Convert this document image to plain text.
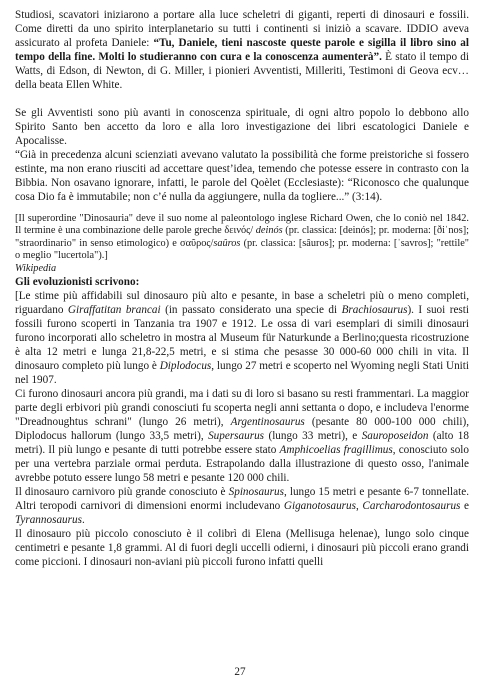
Studiosi, scavatori iniziarono a portare alla luce scheletri di giganti, reperti di dinosauri e fossili. Come diretti da uno spirito interplanetario su tutti i continenti si iniziò a scavare. IDDIO aveva assicurato al profeta Daniele: “Tu, Daniele, tieni nascoste queste parole e sigilla il libro sino al tempo della fine. Molti lo studieranno con cura e la conoscenza aumenterà”. È stato il tempo di Watts, di Edson, di Newton, di G. Miller, i pionieri Avventisti, Milleriti, Testimoni di Geova ecv… della beata Ellen White.

Se gli Avventisti sono più avanti in conoscenza spirituale, di ogni altro popolo lo debbono allo Spirito Santo ben accetto da loro e alla loro investigazione dei libri escatologici Daniele e Apocalisse.

“Già in precedenza alcuni scienziati avevano valutato la possibilità che forme preistoriche si fossero estinte, ma non erano riusciti ad accettare quest’idea, temendo che potesse essere in contrasto con la Bibbia. Non osavano ignorare, infatti, le parole del Qoèlet (Ecclesiaste): “Riconosco che qualunque cosa Dio fa è immutabile; non c’é nulla da aggiungere, nulla da togliere...” (3:14).

[Il superordine "Dinosauria" deve il suo nome al paleontologo inglese Richard Owen, che lo coniò nel 1842. Il termine è una combinazione delle parole greche δεινός/ deinós (pr. classica: [deinós]; pr. moderna: [ðiˈnos]; "straordinario" in senso etimologico) e σαῦρος/saûros (pr. classica: [sâuros]; pr. moderna: [ˈsavros]; "rettile" o meglio "lucertola").]

Wikipedia

Gli evoluzionisti scrivono:

[Le stime più affidabili sul dinosauro più alto e pesante, in base a scheletri più o meno completi, riguardano Giraffatitan brancai (in passato considerato una specie di Brachiosaurus). I suoi resti fossili furono scoperti in Tanzania tra 1907 e 1912. Le ossa di vari esemplari di simili dinosauri furono incorporati allo scheletro in mostra al Museum für Naturkunde a Berlino;questa ricostruzione è alta 12 metri e lunga 21,8-22,5 metri, e si stima che pesasse 30 000-60 000 chili in vita. Il dinosauro completo più lungo è Diplodocus, lungo 27 metri e scoperto nel Wyoming negli Stati Uniti nel 1907.

Ci furono dinosauri ancora più grandi, ma i dati su di loro si basano su resti frammentari. La maggior parte degli erbivori più grandi conosciuti fu scoperta negli anni settanta o dopo, e includeva l'enorme "Dreadnoughtus schrani" (lungo 26 metri), Argentinosaurus (pesante 80 000-100 000 chili), Diplodocus hallorum (lungo 33,5 metri), Supersaurus (lungo 33 metri), e Sauroposeidon (alto 18 metri). Il più lungo e pesante di tutti potrebbe essere stato Amphicoelias fragillimus, conosciuto solo per una vertebra parziale ormai perduta. Estrapolando dalla illustrazione di questo osso, l'animale avrebbe potuto essere lungo 58 metri e pesante 120 000 chili.

Il dinosauro carnivoro più grande conosciuto è Spinosaurus, lungo 15 metri e pesante 6-7 tonnellate. Altri teropodi carnivori di dimensioni enormi includevano Giganotosaurus, Carcharodontosaurus e Tyrannosaurus.

Il dinosauro più piccolo conosciuto è il colibrì di Elena (Mellisuga helenae), lungo solo cinque centimetri e pesante 1,8 grammi. Al di fuori degli uccelli odierni, i dinosauri più piccoli erano grandi come piccioni. I dinosauri non-aviani più piccoli furono infatti quelli

27
